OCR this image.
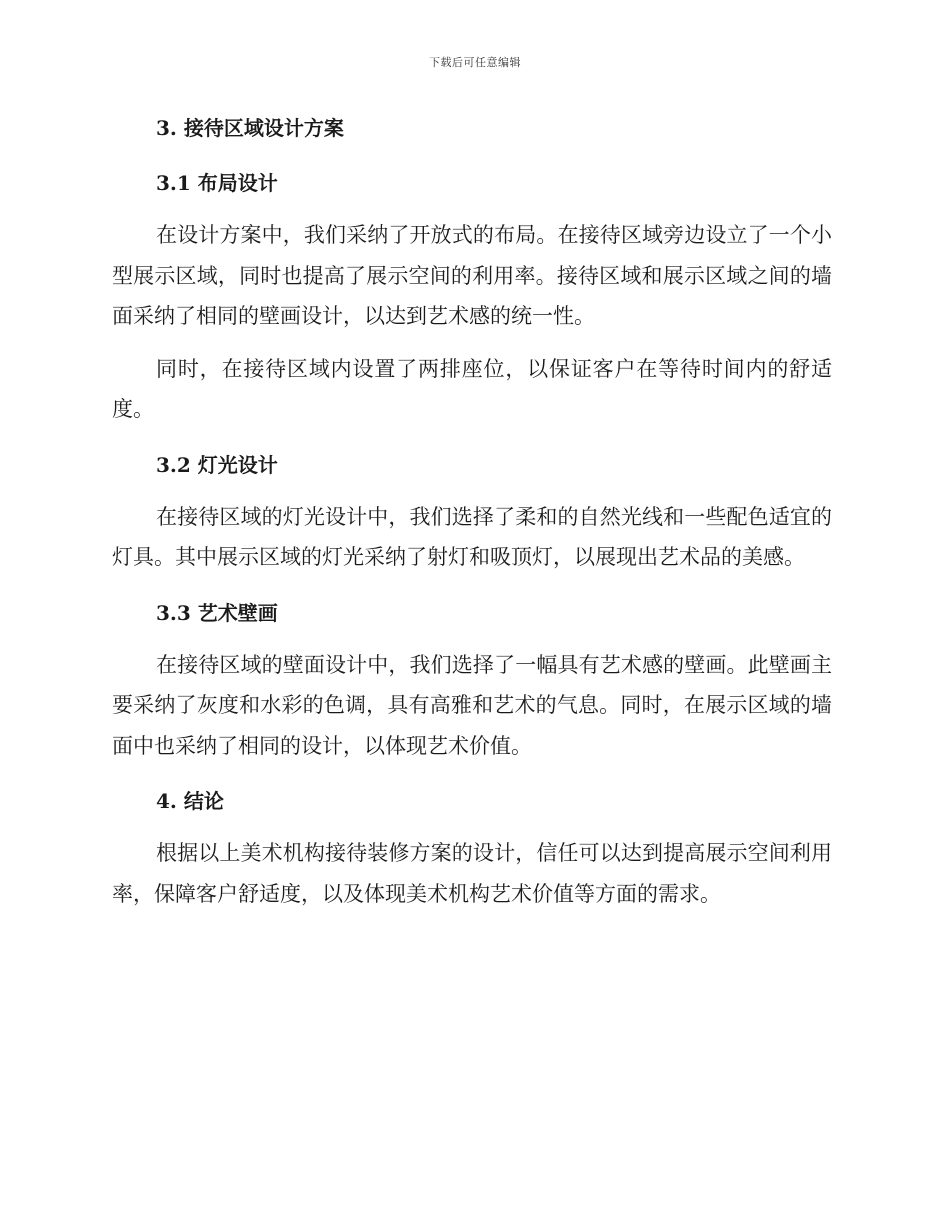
下载后可任意编辑
3. 接待区域设计方案
3.1 布局设计

在设计方案中，我们采纳了开放式的布局。在接待区域旁边设立了一个小型展示区域，同时也提高了展示空间的利用率。接待区域和展示区域之间的墙面采纳了相同的壁画设计，以达到艺术感的统一性。

同时，在接待区域内设置了两排座位，以保证客户在等待时间内的舒适度。

3.2 灯光设计

在接待区域的灯光设计中，我们选择了柔和的自然光线和一些配色适宜的灯具。其中展示区域的灯光采纳了射灯和吸顶灯，以展现出艺术品的美感。

3.3 艺术壁画

在接待区域的壁面设计中，我们选择了一幅具有艺术感的壁画。此壁画主要采纳了灰度和水彩的色调，具有高雅和艺术的气息。同时，在展示区域的墙面中也采纳了相同的设计，以体现艺术价值。

4. 结论

根据以上美术机构接待装修方案的设计，信任可以达到提高展示空间利用率，保障客户舒适度，以及体现美术机构艺术价值等方面的需求。
